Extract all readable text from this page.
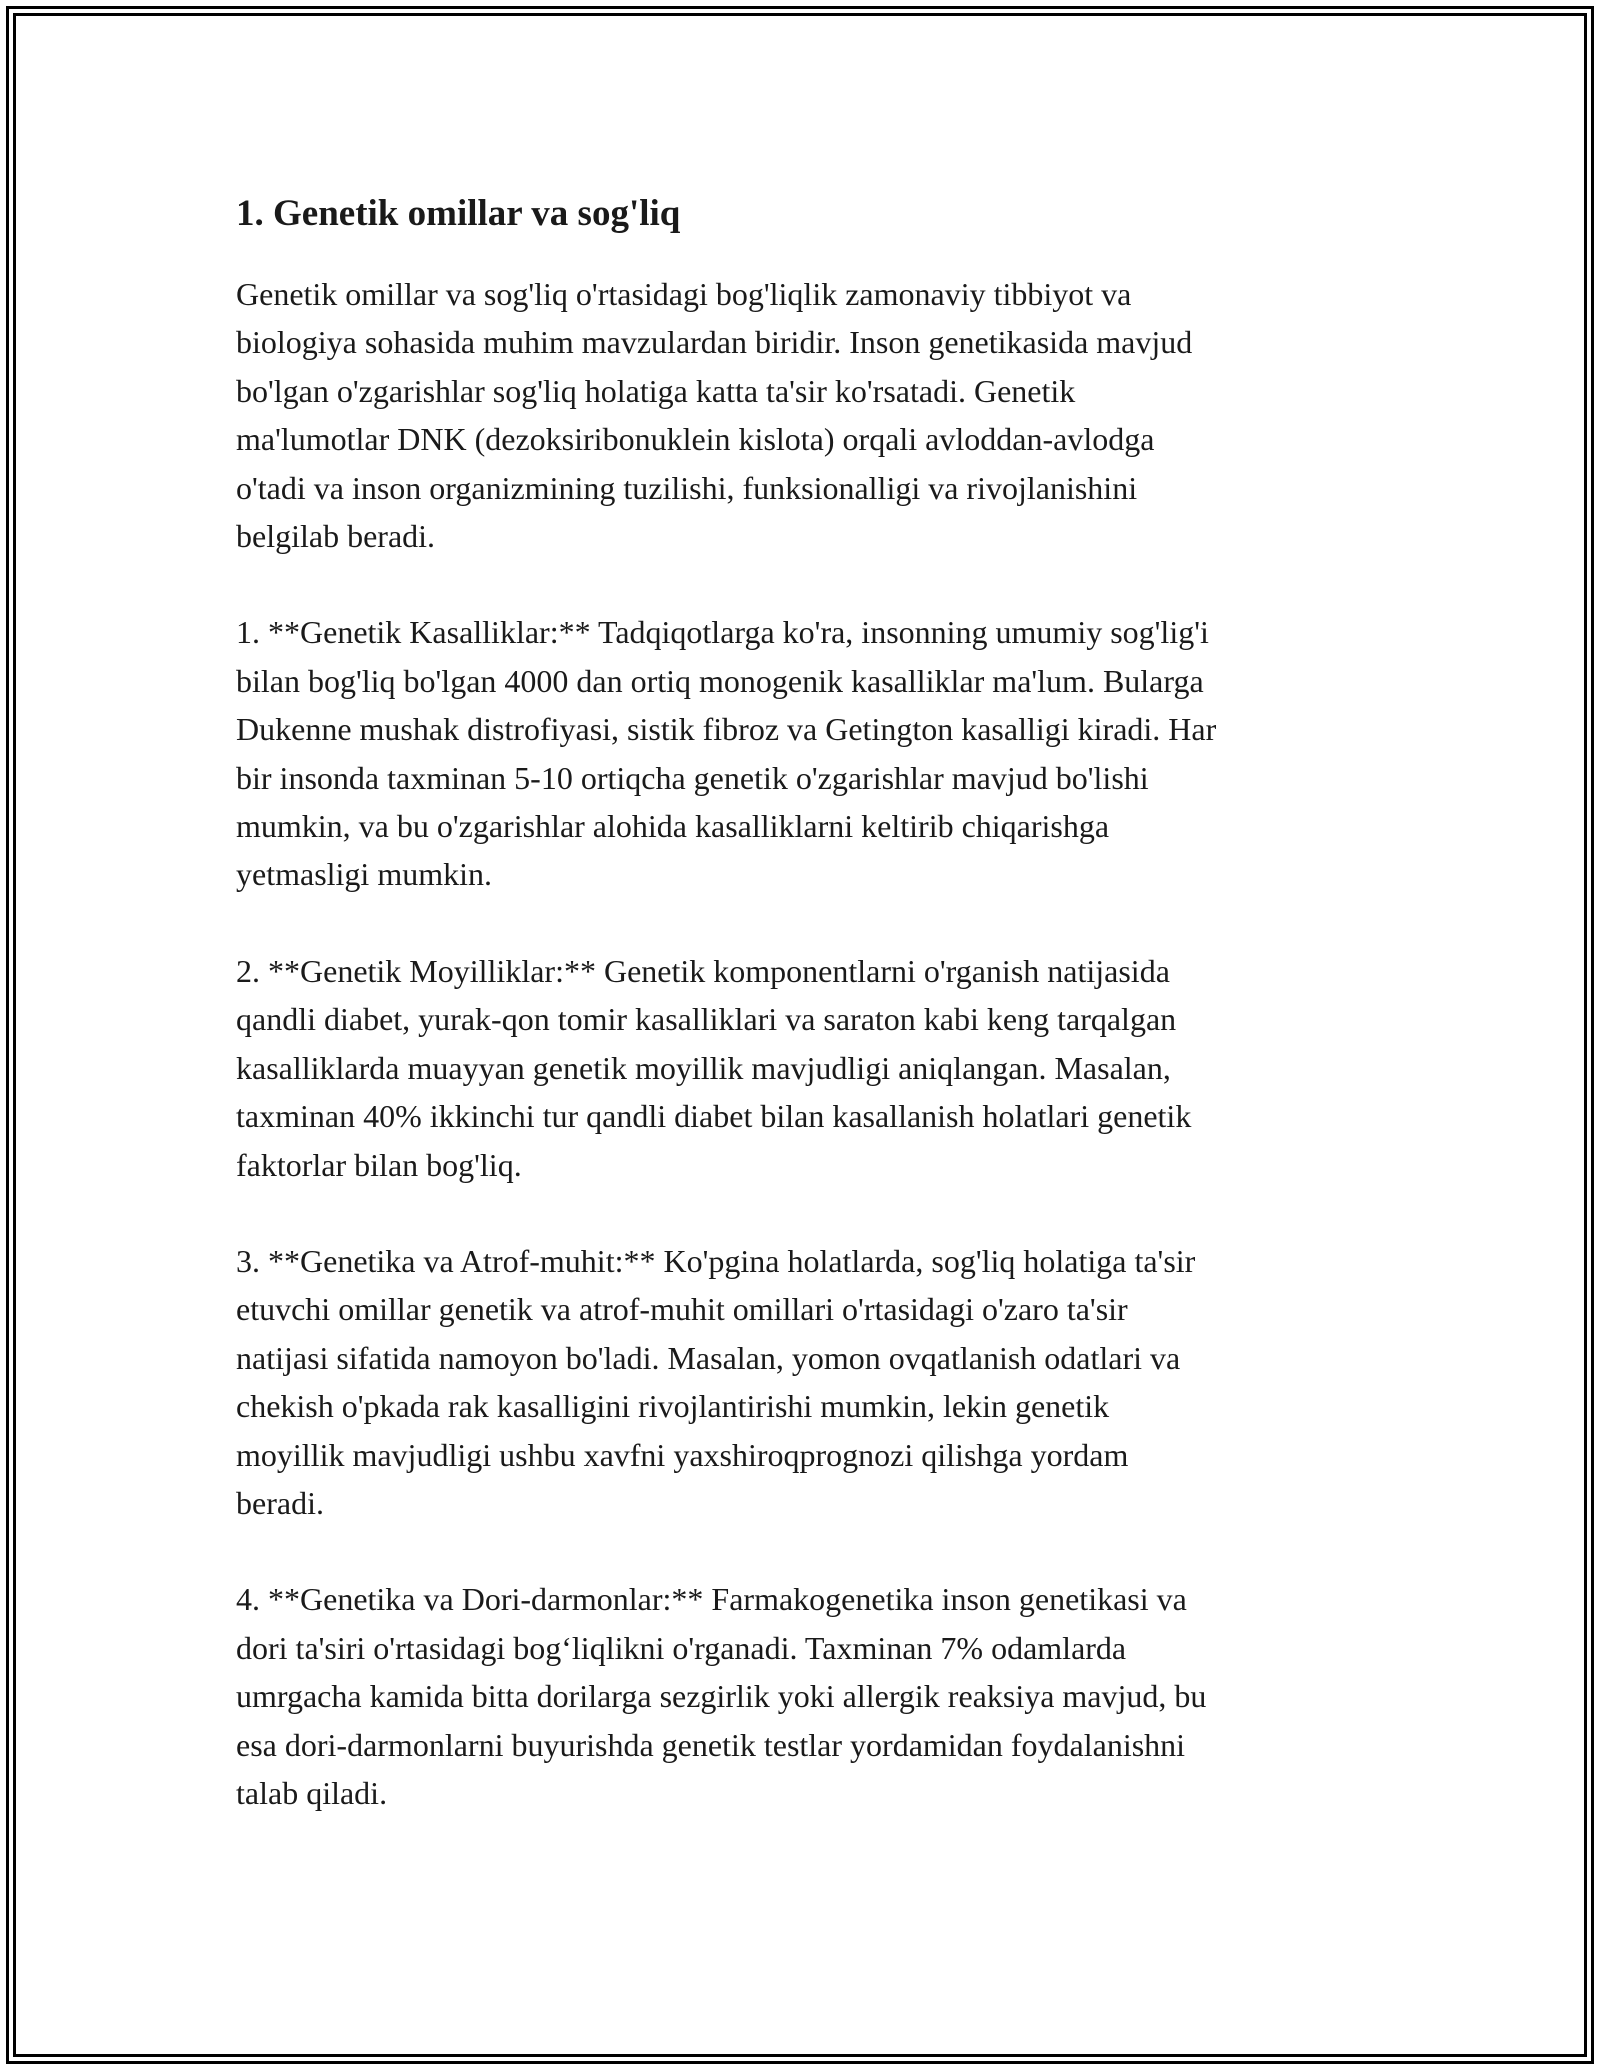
1. Genetik omillar va sog'liq

Genetik omillar va sog'liq o'rtasidagi bog'liqlik zamonaviy tibbiyot va
biologiya sohasida muhim mavzulardan biridir. Inson genetikasida mavjud
bo'lgan o'zgarishlar sog'liq holatiga katta ta'sir ko'rsatadi. Genetik
ma'lumotlar DNK (dezoksiribonuklein kislota) orqali avloddan-avlodga
o'tadi va inson organizmining tuzilishi, funksionalligi va rivojlanishini
belgilab beradi.

1. **Genetik Kasalliklar:** Tadqiqotlarga ko'ra, insonning umumiy sog'lig'i
bilan bog'liq bo'lgan 4000 dan ortiq monogenik kasalliklar ma'lum. Bularga
Dukenne mushak distrofiyasi, sistik fibroz va Getington kasalligi kiradi. Har
bir insonda taxminan 5-10 ortiqcha genetik o'zgarishlar mavjud bo'lishi
mumkin, va bu o'zgarishlar alohida kasalliklarni keltirib chiqarishga
yetmasligi mumkin.

2. **Genetik Moyilliklar:** Genetik komponentlarni o'rganish natijasida
qandli diabet, yurak-qon tomir kasalliklari va saraton kabi keng tarqalgan
kasalliklarda muayyan genetik moyillik mavjudligi aniqlangan. Masalan,
taxminan 40% ikkinchi tur qandli diabet bilan kasallanish holatlari genetik
faktorlar bilan bog'liq.

3. **Genetika va Atrof-muhit:** Ko'pgina holatlarda, sog'liq holatiga ta'sir
etuvchi omillar genetik va atrof-muhit omillari o'rtasidagi o'zaro ta'sir
natijasi sifatida namoyon bo'ladi. Masalan, yomon ovqatlanish odatlari va
chekish o'pkada rak kasalligini rivojlantirishi mumkin, lekin genetik
moyillik mavjudligi ushbu xavfni yaxshiroqprognozi qilishga yordam
beradi.

4. **Genetika va Dori-darmonlar:** Farmakogenetika inson genetikasi va
dori ta'siri o'rtasidagi bog‘liqlikni o'rganadi. Taxminan 7% odamlarda
umrgacha kamida bitta dorilarga sezgirlik yoki allergik reaksiya mavjud, bu
esa dori-darmonlarni buyurishda genetik testlar yordamidan foydalanishni
talab qiladi.
